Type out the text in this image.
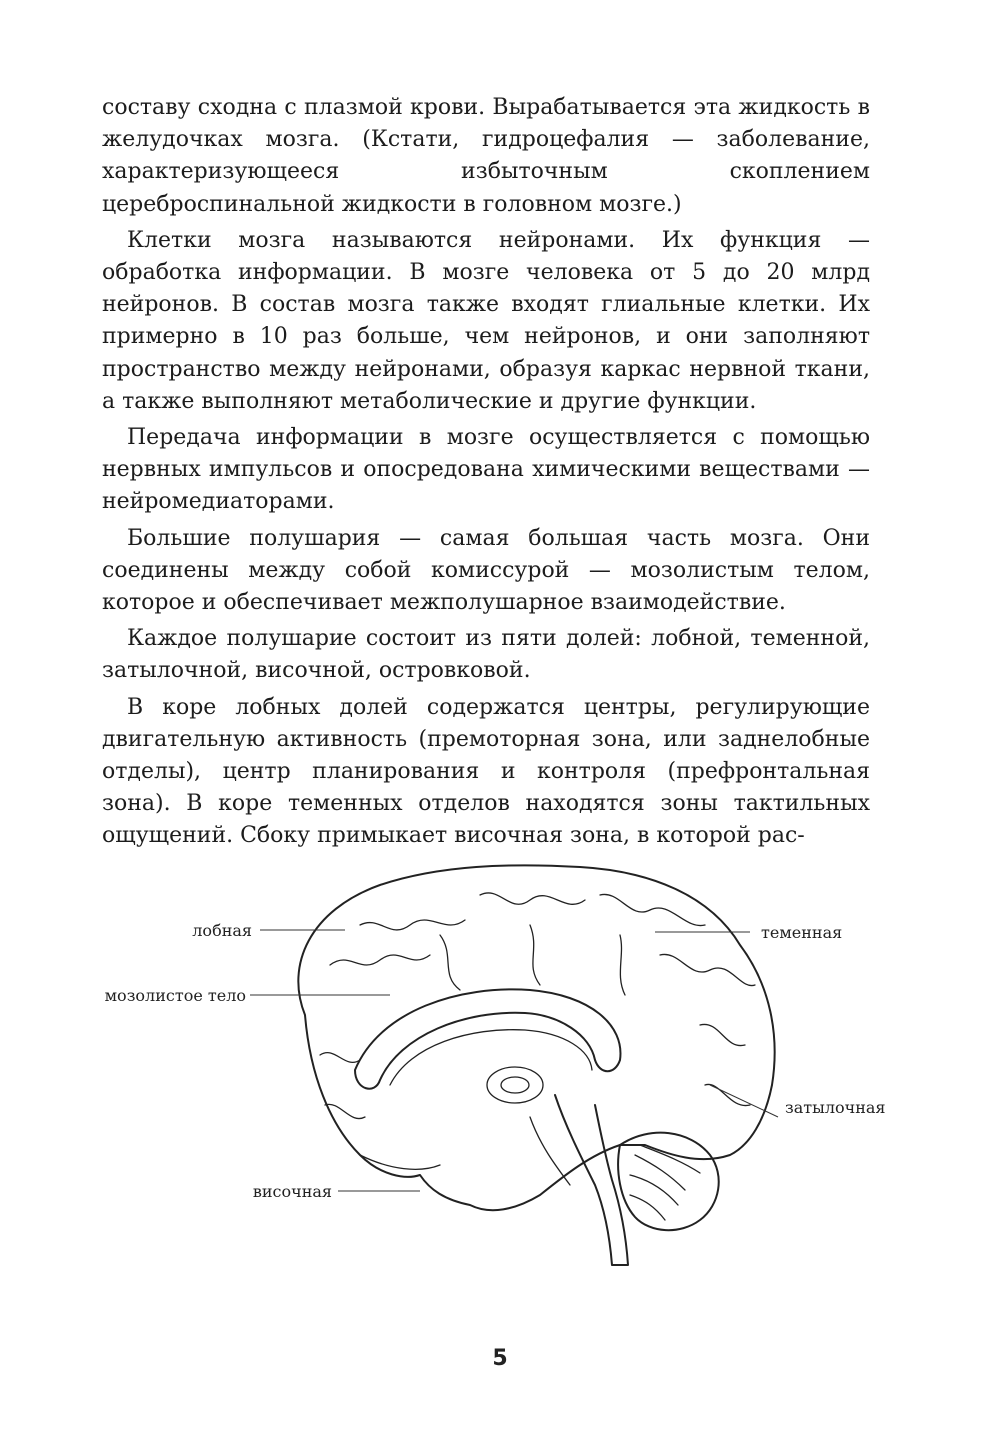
составу сходна с плазмой крови. Вырабатывается эта жидкость в желудочках мозга. (Кстати, гидроцефалия — заболевание, характеризующееся избыточным скоплением цереброспинальной жидкости в головном мозге.)

Клетки мозга называются нейронами. Их функция — обработка информации. В мозге человека от 5 до 20 млрд нейронов. В состав мозга также входят глиальные клетки. Их примерно в 10 раз больше, чем нейронов, и они заполняют пространство между нейронами, образуя каркас нервной ткани, а также выполняют метаболические и другие функции.

Передача информации в мозге осуществляется с помощью нервных импульсов и опосредована химическими веществами — нейромедиаторами.

Большие полушария — самая большая часть мозга. Они соединены между собой комиссурой — мозолистым телом, которое и обеспечивает межполушарное взаимодействие.

Каждое полушарие состоит из пяти долей: лобной, теменной, затылочной, височной, островковой.

В коре лобных долей содержатся центры, регулирующие двигательную активность (премоторная зона, или заднелобные отделы), центр планирования и контроля (префронтальная зона). В коре теменных отделов находятся зоны тактильных ощущений. Сбоку примыкает височная зона, в которой рас-

лобная
мозолистое тело
височная
теменная
затылочная
5
